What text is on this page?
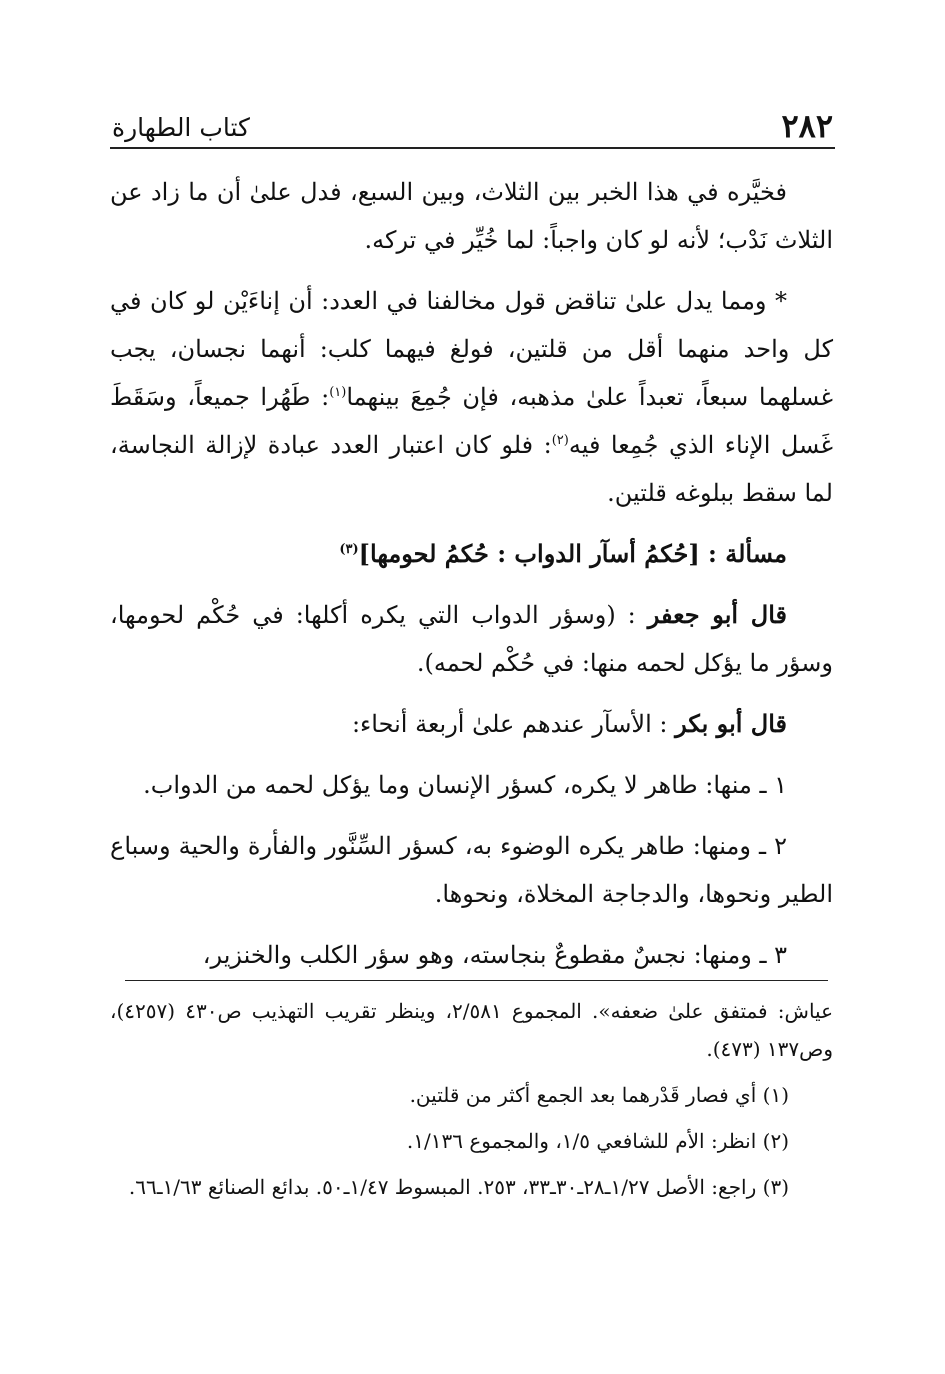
٢٨٢
كتاب الطهارة

فخيَّره في هذا الخبر بين الثلاث، وبين السبع، فدل علىٰ أن ما زاد عن الثلاث نَدْب؛ لأنه لو كان واجباً: لما خُيِّر في تركه.

* ومما يدل علىٰ تناقض قول مخالفنا في العدد: أن إناءَيْن لو كان في كل واحد منهما أقل من قلتين، فولغ فيهما كلب: أنهما نجسان، يجب غسلهما سبعاً، تعبداً علىٰ مذهبه، فإن جُمِعَ بينهما$^{(١)}$: طَهُرا جميعاً، وسَقَطَ غَسل الإناء الذي جُمِعا فيه$^{(٢)}$: فلو كان اعتبار العدد عبادة لإزالة النجاسة، لما سقط ببلوغه قلتين.

مسألة : [حُكمُ أسآر الدواب : حُكمُ لحومها]$^{(٣)}$

قال أبو جعفر : (وسؤر الدواب التي يكره أكلها: في حُكْم لحومها، وسؤر ما يؤكل لحمه منها: في حُكْم لحمه).

قال أبو بكر : الأسآر عندهم علىٰ أربعة أنحاء:

١ ـ منها: طاهر لا يكره، كسؤر الإنسان وما يؤكل لحمه من الدواب.

٢ ـ ومنها: طاهر يكره الوضوء به، كسؤر السِّنَّور والفأرة والحية وسباع الطير ونحوها، والدجاجة المخلاة، ونحوها.

٣ ـ ومنها: نجسٌ مقطوعٌ بنجاسته، وهو سؤر الكلب والخنزير،

عياش: فمتفق علىٰ ضعفه». المجموع ٢/٥٨١، وينظر تقريب التهذيب ص٤٣٠ (٤٢٥٧)، وص١٣٧ (٤٧٣).

(١) أي فصار قَدْرهما بعد الجمع أكثر من قلتين.

(٢) انظر: الأم للشافعي ١/٥، والمجموع ١/١٣٦.

(٣) راجع: الأصل ١/٢٧ـ٢٨ـ٣٠ـ٣٣، ٢٥٣. المبسوط ١/٤٧ـ٥٠. بدائع الصنائع ١/٦٣ـ٦٦.
